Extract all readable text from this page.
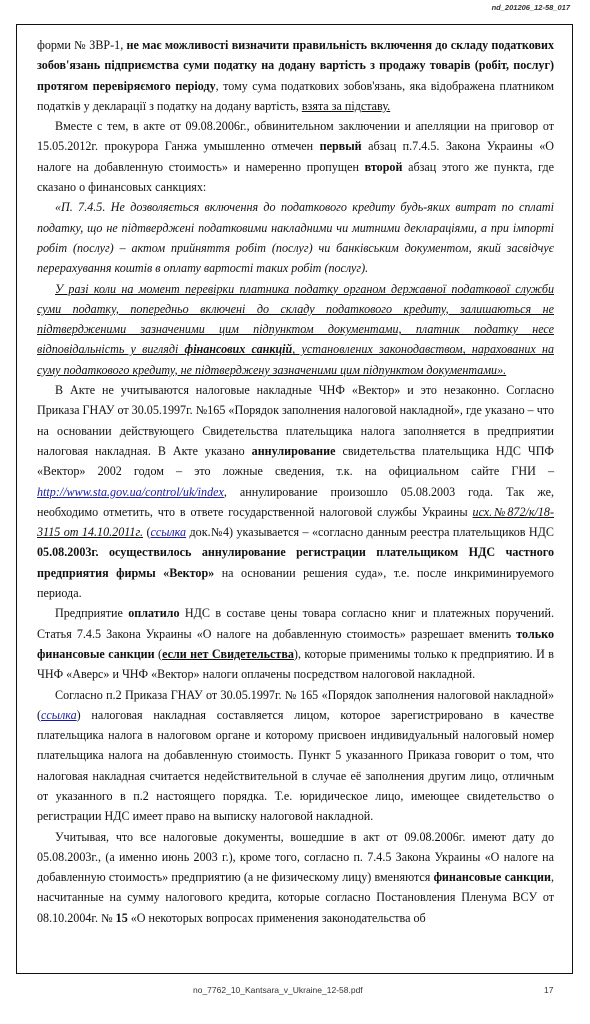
nd_201206_12-58_017

форми № ЗВР-1, не має можливості визначити правильність включення до складу податкових зобов'язань підприємства суми податку на додану вартість з продажу товарів (робіт, послуг) протягом перевіряємого періоду, тому сума податкових зобов'язань, яка відображена платником податків у декларації з податку на додану вартість, взята за підставу.

Вместе с тем, в акте от 09.08.2006г., обвинительном заключении и апелляции на приговор от 15.05.2012г. прокурора Ганжа умышленно отмечен первый абзац п.7.4.5. Закона Украины «О налоге на добавленную стоимость» и намеренно пропущен второй абзац этого же пункта, где сказано о финансовых санкциях:

«П. 7.4.5. Не дозволяється включення до податкового кредиту будь-яких витрат по сплаті податку, що не підтверджені податковими накладними чи митними деклараціями, а при імпорті робіт (послуг) – актом прийняття робіт (послуг) чи банківським документом, який засвідчує перерахування коштів в оплату вартості таких робіт (послуг).

У разі коли на момент перевірки платника податку органом державної податкової служби суми податку, попередньо включені до складу податкового кредиту, залишаються не підтвердженими зазначеними цим підпунктом документами, платник податку несе відповідальність у вигляді фінансових санкцій, установлених законодавством, нарахованих на суму податкового кредиту, не підтверджену зазначеними цим підпунктом документами».

В Акте не учитываются налоговые накладные ЧНФ «Вектор» и это незаконно. Согласно Приказа ГНАУ от 30.05.1997г. №165 «Порядок заполнения налоговой накладной», где указано – что на основании действующего Свидетельства плательщика налога заполняется в предприятии налоговая накладная. В Акте указано аннулирование свидетельства плательщика НДС ЧПФ «Вектор» 2002 годом – это ложные сведения, т.к. на официальном сайте ГНИ – http://www.sta.gov.ua/control/uk/index, аннулирование произошло 05.08.2003 года. Так же, необходимо отметить, что в ответе государственной налоговой службы Украины исх.№872/к/18-3115 от 14.10.2011г. (ссылка док.№4) указывается – «согласно данным реестра плательщиков НДС 05.08.2003г. осуществилось аннулирование регистрации плательщиком НДС частного предприятия фирмы «Вектор» на основании решения суда», т.е. после инкриминируемого периода.

Предприятие оплатило НДС в составе цены товара согласно книг и платежных поручений. Статья 7.4.5 Закона Украины «О налоге на добавленную стоимость» разрешает вменить только финансовые санкции (если нет Свидетельства), которые применимы только к предприятию. И в ЧНФ «Аверс» и ЧНФ «Вектор» налоги оплачены посредством налоговой накладной.

Согласно п.2 Приказа ГНАУ от 30.05.1997г. № 165 «Порядок заполнения налоговой накладной» (ссылка) налоговая накладная составляется лицом, которое зарегистрировано в качестве плательщика налога в налоговом органе и которому присвоен индивидуальный налоговый номер плательщика налога на добавленную стоимость. Пункт 5 указанного Приказа говорит о том, что налоговая накладная считается недействительной в случае её заполнения другим лицо, отличным от указанного в п.2 настоящего порядка. Т.е. юридическое лицо, имеющее свидетельство о регистрации НДС имеет право на выписку налоговой накладной.

Учитывая, что все налоговые документы, вошедшие в акт от 09.08.2006г. имеют дату до 05.08.2003г., (а именно июнь 2003 г.), кроме того, согласно п. 7.4.5 Закона Украины «О налоге на добавленную стоимость» предприятию (а не физическому лицу) вменяются финансовые санкции, насчитанные на сумму налогового кредита, которые согласно Постановления Пленума ВСУ от 08.10.2004г. № 15 «О некоторых вопросах применения законодательства об

no_7762_10_Kantsara_v_Ukraine_12-58.pdf	17
